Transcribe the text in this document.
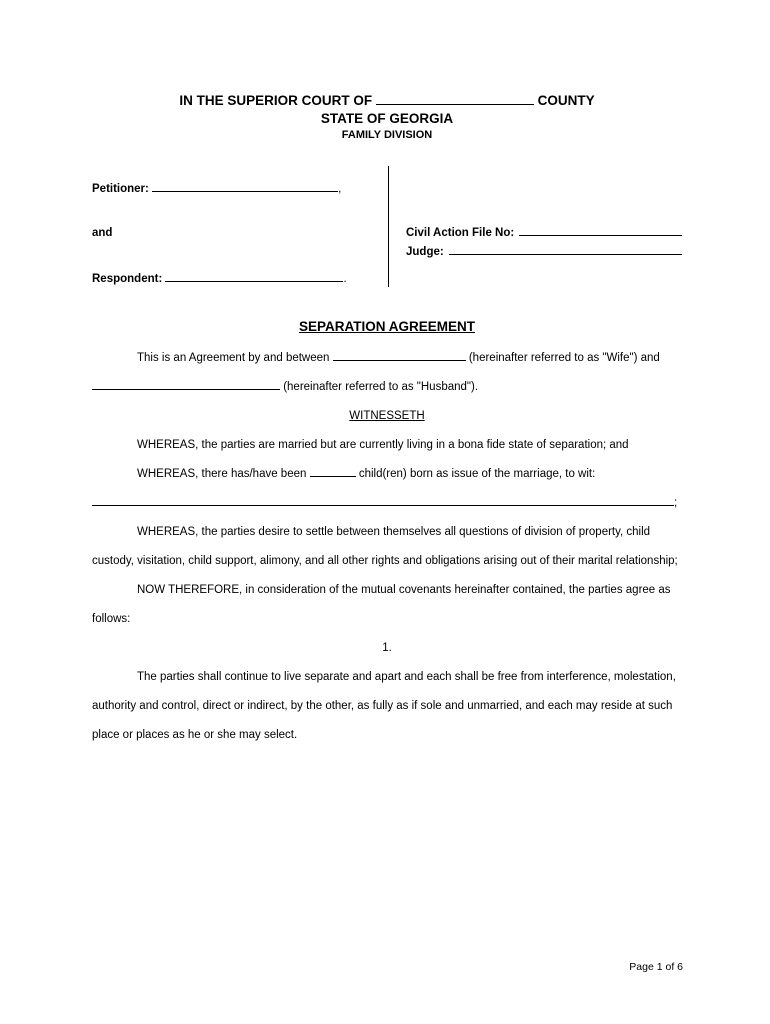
IN THE SUPERIOR COURT OF	COUNTY
STATE OF GEORGIA
FAMILY DIVISION

Petitioner:	,

and

Respondent:	.

Civil Action File No:

Judge:

SEPARATION AGREEMENT

This is an Agreement by and between	(hereinafter referred to as "Wife") and  (hereinafter referred to as "Husband").

WITNESSETH

WHEREAS, the parties are married but are currently living in a bona fide state of separation; and

WHEREAS, there has/have been	child(ren) born as issue of the marriage, to wit:

;

WHEREAS, the parties desire to settle between themselves all questions of division of property, child custody, visitation, child support, alimony, and all other rights and obligations arising out of their marital relationship;

NOW THEREFORE, in consideration of the mutual covenants hereinafter contained, the parties agree as follows:

1.

The parties shall continue to live separate and apart and each shall be free from interference, molestation, authority and control, direct or indirect, by the other, as fully as if sole and unmarried, and each may reside at such place or places as he or she may select.

Page 1 of 6
